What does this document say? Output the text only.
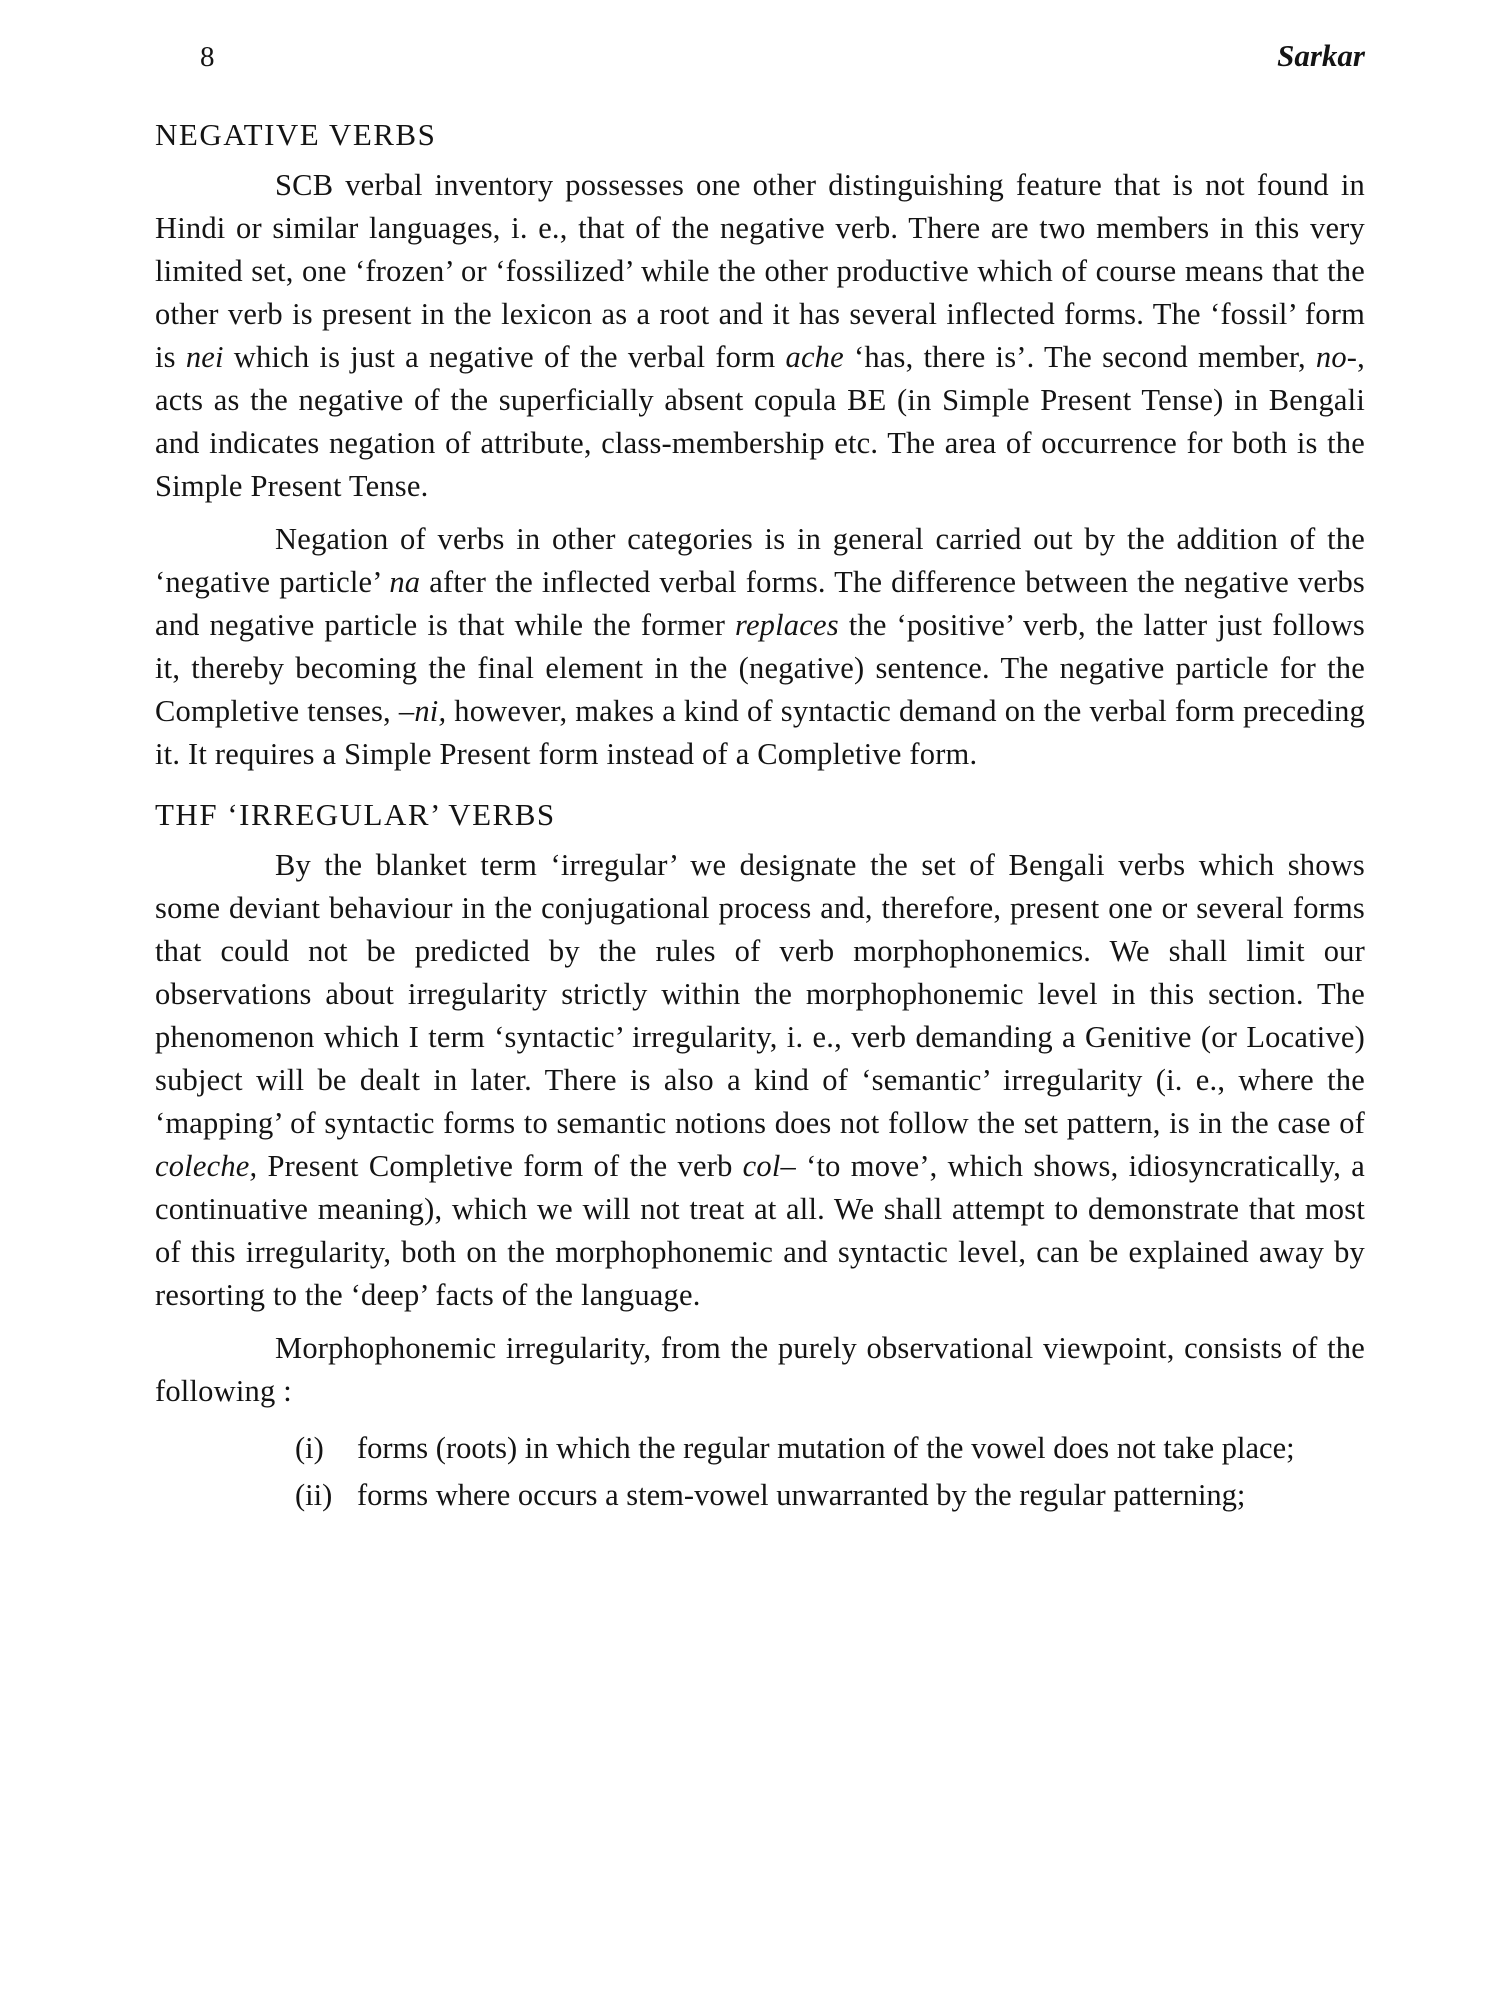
8	Sarkar
NEGATIVE VERBS

SCB verbal inventory possesses one other distinguishing feature that is not found in Hindi or similar languages, i. e., that of the negative verb. There are two members in this very limited set, one ‘frozen’ or ‘fossilized’ while the other productive which of course means that the other verb is present in the lexicon as a root and it has several inflected forms. The ‘fossil’ form is nei which is just a negative of the verbal form ache ‘has, there is’. The second member, no-, acts as the negative of the superficially absent copula BE (in Simple Present Tense) in Bengali and indicates negation of attribute, class-membership etc. The area of occurrence for both is the Simple Present Tense.

Negation of verbs in other categories is in general carried out by the addition of the ‘negative particle’ na after the inflected verbal forms. The difference between the negative verbs and negative particle is that while the former replaces the ‘positive’ verb, the latter just follows it, thereby becoming the final element in the (negative) sentence. The negative particle for the Completive tenses, –ni, however, makes a kind of syntactic demand on the verbal form preceding it. It requires a Simple Present form instead of a Completive form.

THF ‘IRREGULAR’ VERBS

By the blanket term ‘irregular’ we designate the set of Bengali verbs which shows some deviant behaviour in the conjugational process and, therefore, present one or several forms that could not be predicted by the rules of verb morphophonemics. We shall limit our observations about irregularity strictly within the morphophonemic level in this section. The phenomenon which I term ‘syntactic’ irregularity, i. e., verb demanding a Genitive (or Locative) subject will be dealt in later. There is also a kind of ‘semantic’ irregularity (i. e., where the ‘mapping’ of syntactic forms to semantic notions does not follow the set pattern, is in the case of coleche, Present Completive form of the verb col– ‘to move’, which shows, idiosyncratically, a continuative meaning), which we will not treat at all. We shall attempt to demonstrate that most of this irregularity, both on the morphophonemic and syntactic level, can be explained away by resorting to the ‘deep’ facts of the language.

Morphophonemic irregularity, from the purely observational viewpoint, consists of the following :

(i)	forms (roots) in which the regular mutation of the vowel does not take place;
(ii) forms where occurs a stem-vowel unwarranted by the regular patterning;
